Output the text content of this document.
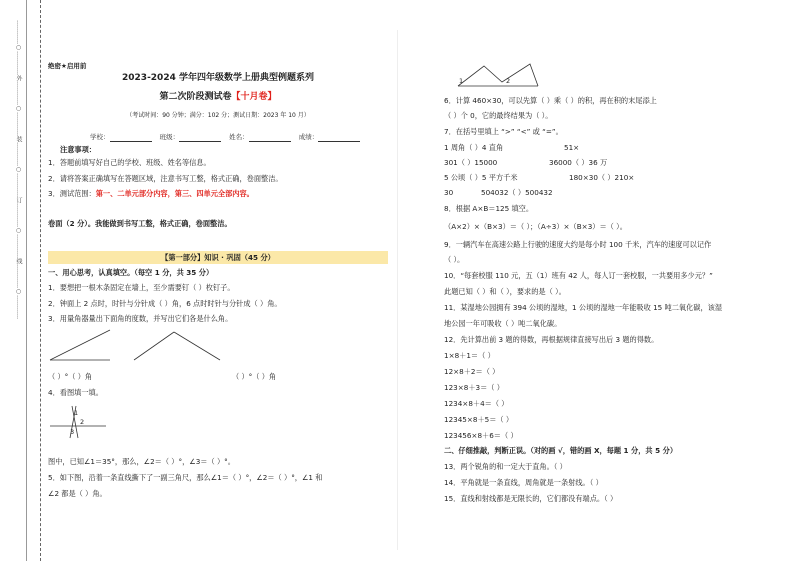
…………○…………外…………○…………装…………○…………订…………○…………线…………○…………	绝密★启用前
2023-2024 学年四年级数学上册典型例题系列
第二次阶段测试卷【十月卷】
（考试时间：90 分钟；满分：102 分；测试日期：2023 年 10 月）
学校：	班级：	姓名：	成绩：
注意事项：
1．答题前填写好自己的学校、班级、姓名等信息。
2．请将答案正确填写在答题区域，注意书写工整，格式正确，卷面整洁。
3．测试范围：第一、二单元部分内容，第三、四单元全部内容。
卷面（2 分）。我能做到书写工整，格式正确，卷面整洁。
【第一部分】知识 · 巩固（45 分）
一、用心思考，认真填空。（每空 1 分，共 35 分）
1．要想把一根木条固定在墙上，至少需要钉（ ）枚钉子。
2．钟面上 2 点时，时针与分针成（ ）角，6 点时时针与分针成（ ）角。
3．用量角器量出下面角的度数，并写出它们各是什么角。
（ ）°（ ）角	（ ）°（ ）角
4．看图填一填。
1
2
3
图中，已知∠1＝35°，那么，∠2＝（ ）°，∠3＝（ ）°。
5．如下图，沿着一条直线撕下了一副三角尺，那么∠1＝（ ）°，∠2＝（ ）°，∠1 和
∠2 都是（ ）角。
1	2
6．计算 460×30，可以先算（ ）乘（ ）的积，再在积的末尾添上
（ ）个 0，它的最终结果为（ ）。
7．在括号里填上 “>” “<” 或 “=”。
1 周角（ ）4 直角	51×
301（ ）15000	36000（ ）36 万
5 公顷（ ）5 平方千米	180×30（ ）210×
30	504032（ ）500432
8．根据 A×B＝125 填空。
（A×2）×（B×3）＝（ ）；（A÷3）×（B×3）＝（ ）。
9．一辆汽车在高速公路上行驶的速度大约是每小时 100 千米，汽车的速度可以记作
（ ）。
10．“每套校服 110 元，五（1）班有 42 人，每人订一套校服，一共要用多少元？”
此题已知（ ）和（ ），要求的是（ ）。
11．某湿地公园拥有 394 公顷的湿地，1 公顷的湿地一年能吸收 15 吨二氧化碳，该湿
地公园一年可吸收（ ）吨二氧化碳。
12．先计算出前 3 题的得数，再根据规律直接写出后 3 题的得数。
1×8＋1＝（ ）
12×8＋2＝（ ）
123×8＋3＝（ ）
1234×8＋4＝（ ）
12345×8＋5＝（ ）
123456×8＋6＝（ ）
二、仔细推敲，判断正误。（对的画 √，错的画 X，每题 1 分，共 5 分）
13．两个锐角的和一定大于直角。（ ）
14．平角就是一条直线，周角就是一条射线。（ ）
15．直线和射线都是无限长的，它们都没有端点。（ ）
